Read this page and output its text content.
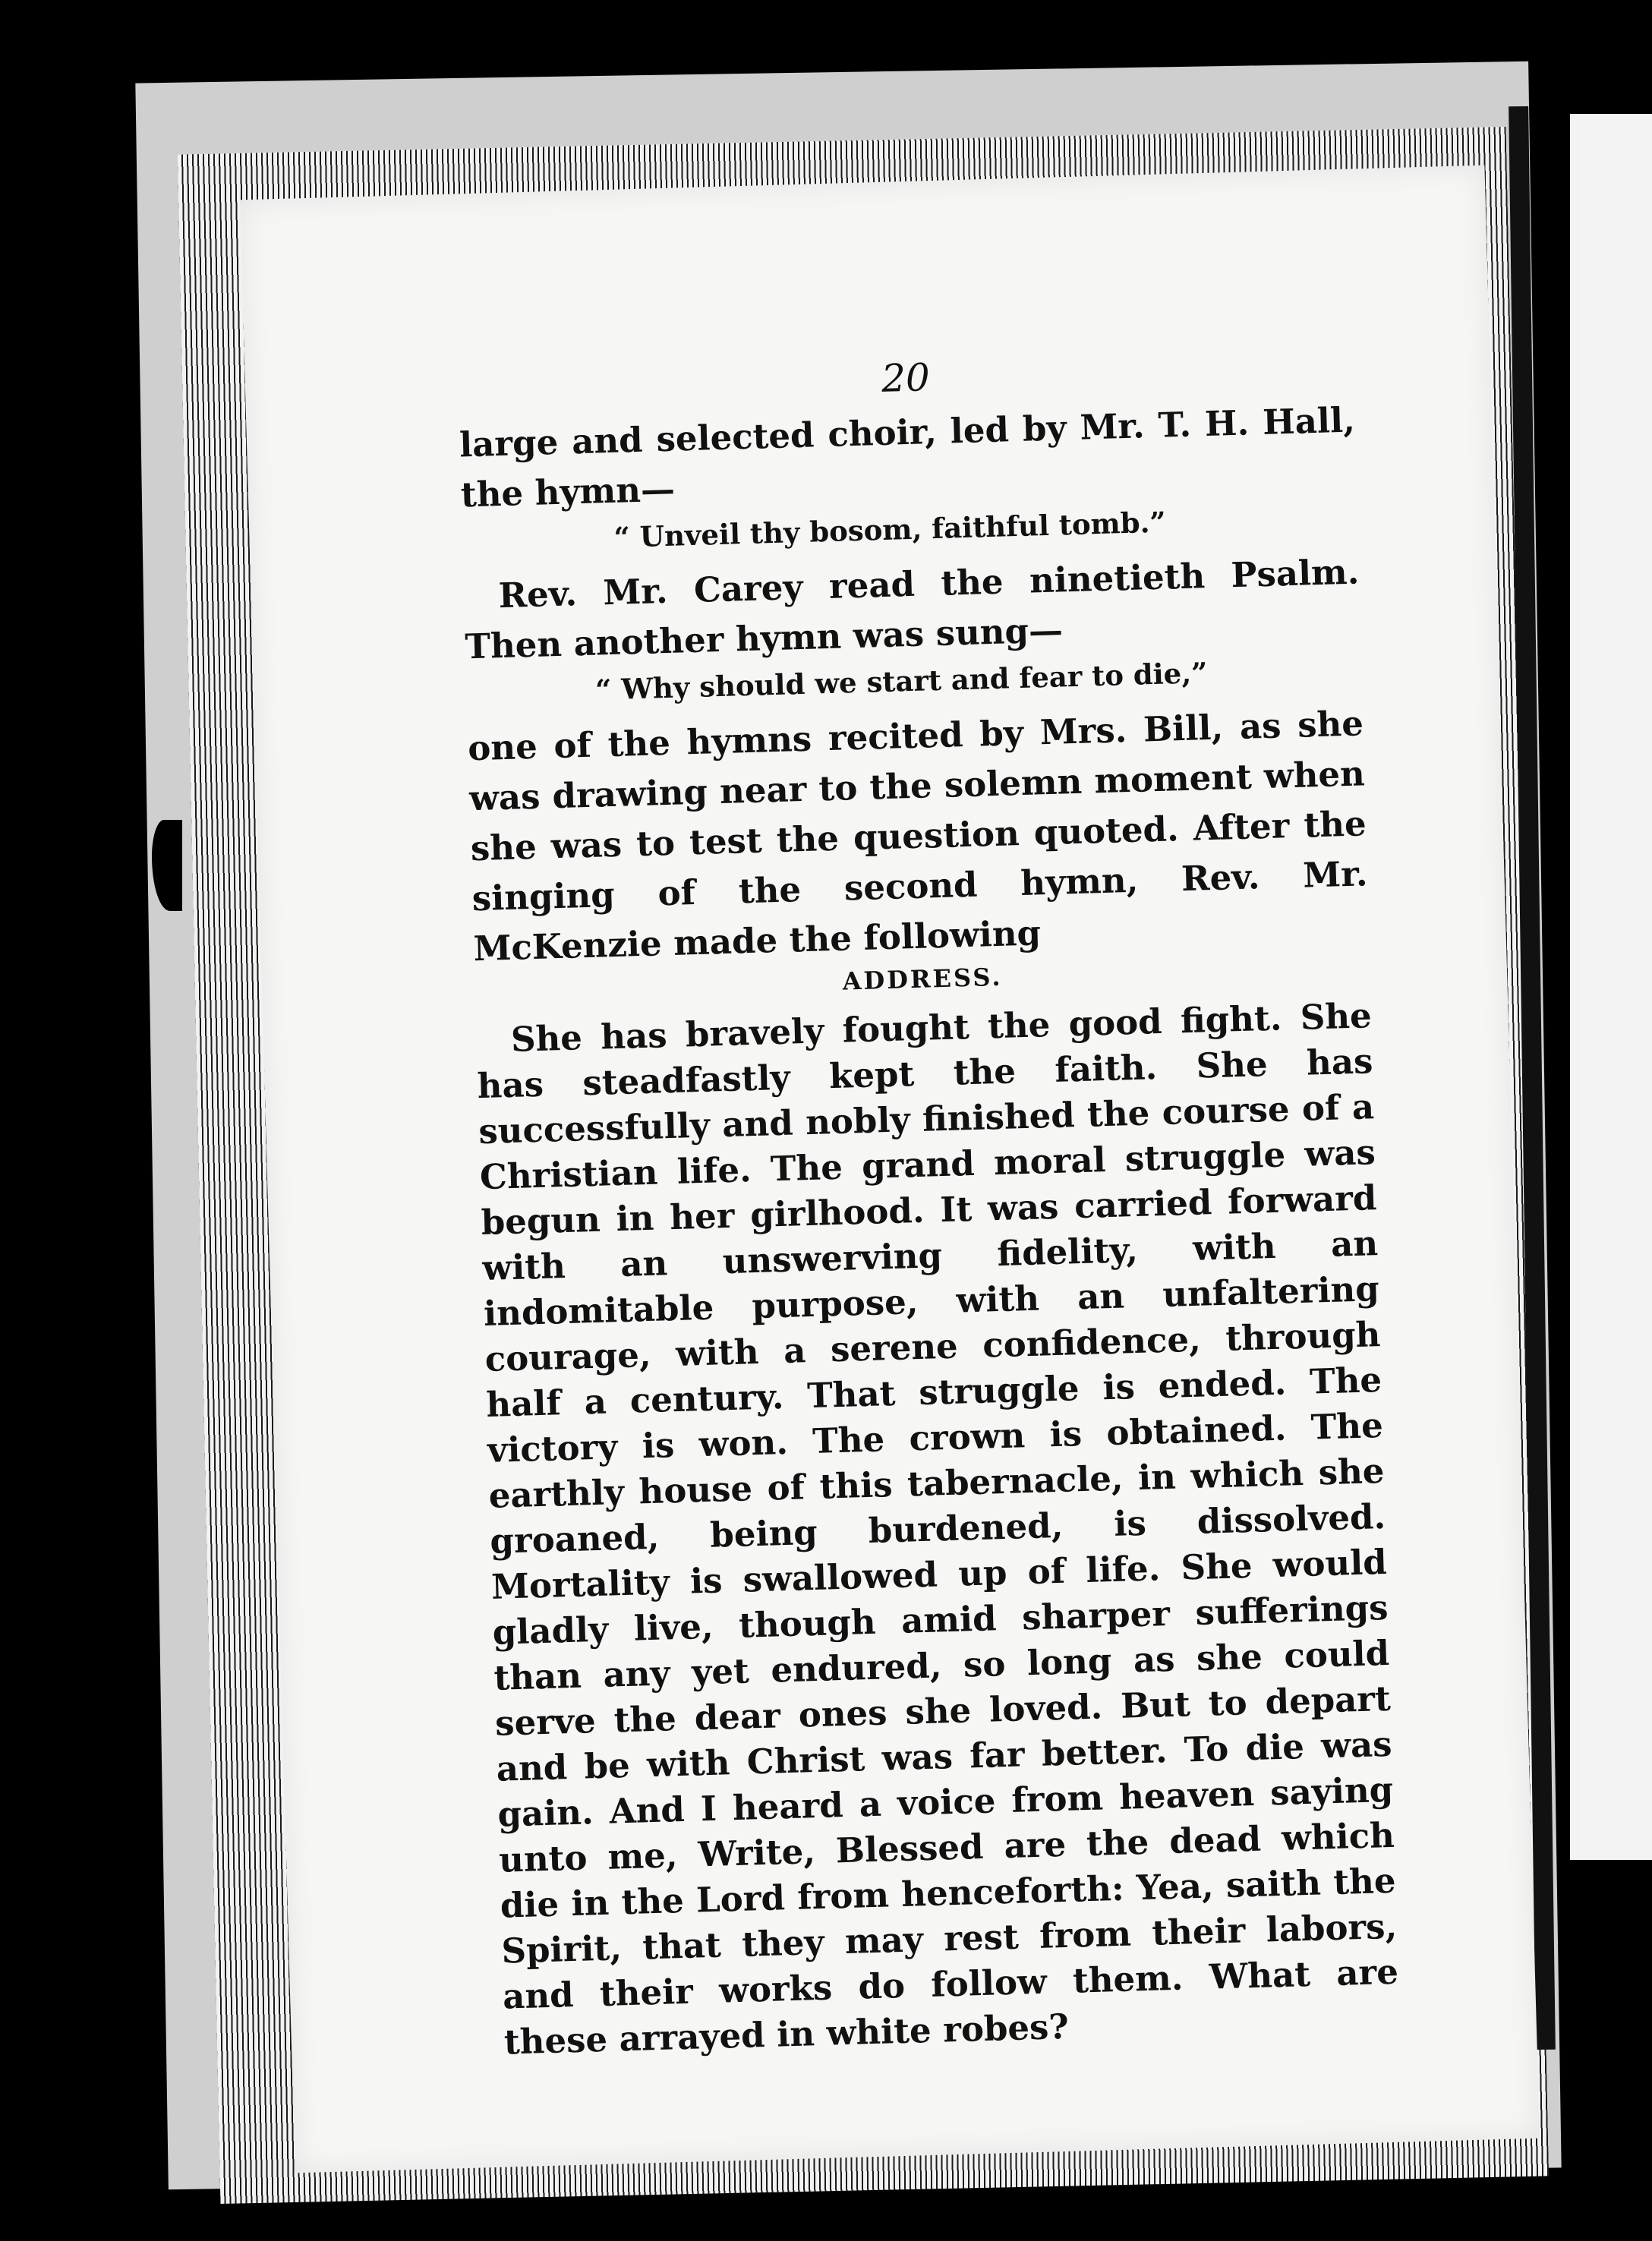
20

large and selected choir, led by Mr. T. H. Hall, the hymn—

“ Unveil thy bosom, faithful tomb.”

Rev. Mr. Carey read the ninetieth Psalm. Then another hymn was sung—

“ Why should we start and fear to die,”

one of the hymns recited by Mrs. Bill, as she was drawing near to the solemn moment when she was to test the question quoted. After the singing of the second hymn, Rev. Mr. McKenzie made the following

ADDRESS.

She has bravely fought the good fight. She has steadfastly kept the faith. She has successfully and nobly finished the course of a Christian life. The grand moral struggle was begun in her girlhood. It was carried forward with an unswerving fidelity, with an indomitable purpose, with an unfaltering courage, with a serene confidence, through half a century. That struggle is ended. The victory is won. The crown is obtained. The earthly house of this tabernacle, in which she groaned, being burdened, is dissolved. Mortality is swallowed up of life. She would gladly live, though amid sharper sufferings than any yet endured, so long as she could serve the dear ones she loved. But to depart and be with Christ was far better. To die was gain. And I heard a voice from heaven saying unto me, Write, Blessed are the dead which die in the Lord from henceforth: Yea, saith the Spirit, that they may rest from their labors, and their works do follow them. What are these arrayed in white robes?
